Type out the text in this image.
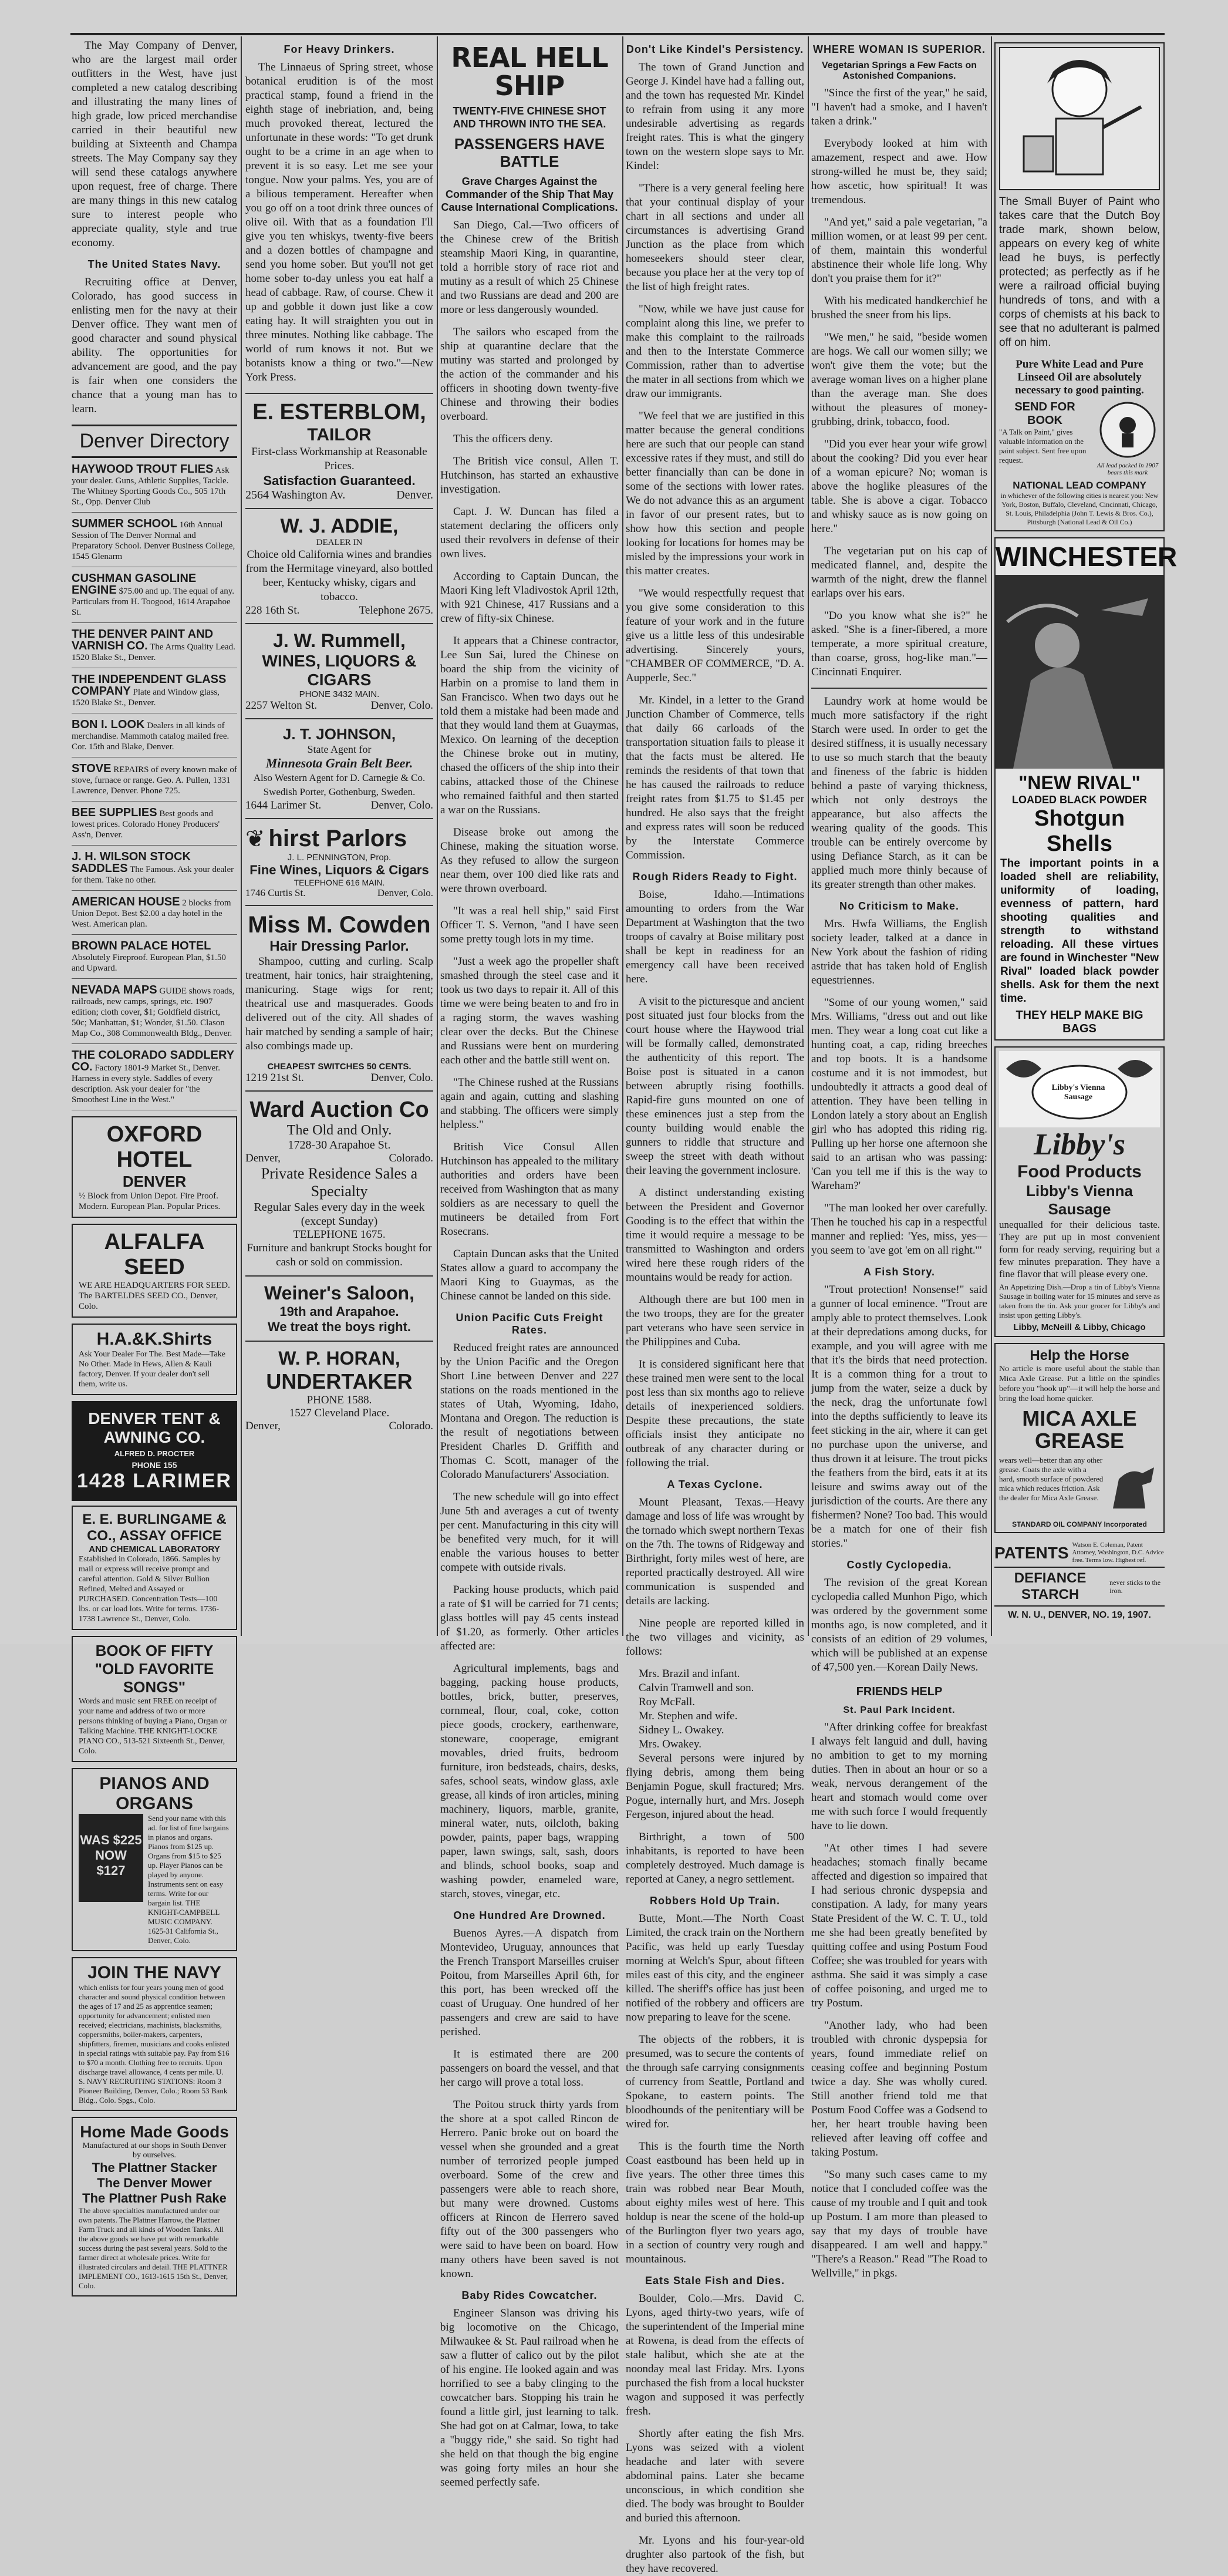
The May Company of Denver, who are the largest mail order outfitters in the West, have just completed a new catalog describing and illustrating the many lines of high grade, low priced merchandise carried in their beautiful new building at Sixteenth and Champa streets. The May Company say they will send these catalogs anywhere upon request, free of charge. There are many things in this new catalog sure to interest people who appreciate quality, style and true economy.

The United States Navy.

Recruiting office at Denver, Colorado, has good success in enlisting men for the navy at their Denver office. They want men of good character and sound physical ability. The opportunities for advancement are good, and the pay is fair when one considers the chance that a young man has to learn.

Denver Directory
HAYWOOD TROUT FLIES Ask your dealer. Guns, Athletic Supplies, Tackle. The Whitney Sporting Goods Co., 505 17th St., Opp. Denver Club
SUMMER SCHOOL 16th Annual Session of The Denver Normal and Preparatory School. Denver Business College, 1545 Glenarm
CUSHMAN GASOLINE ENGINE $75.00 and up. The equal of any. Particulars from H. Toogood, 1614 Arapahoe St.
THE DENVER PAINT AND VARNISH CO. The Arms Quality Lead. 1520 Blake St., Denver.
THE INDEPENDENT GLASS COMPANY Plate and Window glass, 1520 Blake St., Denver.
BON I. LOOK Dealers in all kinds of merchandise. Mammoth catalog mailed free. Cor. 15th and Blake, Denver.
STOVE REPAIRS of every known make of stove, furnace or range. Geo. A. Pullen, 1331 Lawrence, Denver. Phone 725.
BEE SUPPLIES Best goods and lowest prices. Colorado Honey Producers' Ass'n, Denver.
J. H. WILSON STOCK SADDLES The Famous. Ask your dealer for them. Take no other.
AMERICAN HOUSE 2 blocks from Union Depot. Best $2.00 a day hotel in the West. American plan.
BROWN PALACE HOTEL Absolutely Fireproof. European Plan, $1.50 and Upward.
NEVADA MAPS GUIDE shows roads, railroads, new camps, springs, etc. 1907 edition; cloth cover, $1; Goldfield district, 50c; Manhattan, $1; Wonder, $1.50. Clason Map Co., 308 Commonwealth Bldg., Denver.
THE COLORADO SADDLERY CO. Factory 1801-9 Market St., Denver. Harness in every style. Saddles of every description. Ask your dealer for "the Smoothest Line in the West."
OXFORD HOTEL
DENVER
½ Block from Union Depot. Fire Proof. Modern. European Plan. Popular Prices.
ALFALFA SEED
WE ARE HEADQUARTERS FOR SEED. The BARTELDES SEED CO., Denver, Colo.
H.A.&K.Shirts
Ask Your Dealer For The. Best Made—Take No Other. Made in Hews, Allen & Kauli factory, Denver. If your dealer don't sell them, write us.
DENVER TENT & AWNING CO.
ALFRED D. PROCTER
PHONE 155
1428 LARIMER
E. E. BURLINGAME & CO., ASSAY OFFICE
AND CHEMICAL LABORATORY
Established in Colorado, 1866. Samples by mail or express will receive prompt and careful attention. Gold & Silver Bullion Refined, Melted and Assayed or PURCHASED. Concentration Tests—100 lbs. or car load lots. Write for terms. 1736-1738 Lawrence St., Denver, Colo.
BOOK OF FIFTY "OLD FAVORITE SONGS"
Words and music sent FREE on receipt of your name and address of two or more persons thinking of buying a Piano, Organ or Talking Machine. THE KNIGHT-LOCKE PIANO CO., 513-521 Sixteenth St., Denver, Colo.
PIANOS AND ORGANS
WAS $225 NOW $127
Send your name with this ad. for list of fine bargains in pianos and organs. Pianos from $125 up. Organs from $15 to $25 up. Player Pianos can be played by anyone. Instruments sent on easy terms. Write for our bargain list. THE KNIGHT-CAMPBELL MUSIC COMPANY. 1625-31 California St., Denver, Colo.
JOIN THE NAVY
which enlists for four years young men of good character and sound physical condition between the ages of 17 and 25 as apprentice seamen; opportunity for advancement; enlisted men received; electricians, machinists, blacksmiths, coppersmiths, boiler-makers, carpenters, shipfitters, firemen, musicians and cooks enlisted in special ratings with suitable pay. Pay from $16 to $70 a month. Clothing free to recruits. Upon discharge travel allowance, 4 cents per mile. U. S. NAVY RECRUITING STATIONS: Room 3 Pioneer Building, Denver, Colo.; Room 53 Bank Bldg., Colo. Spgs., Colo.
Home Made Goods
Manufactured at our shops in South Denver by ourselves.
The Plattner Stacker
The Denver Mower
The Plattner Push Rake
The above specialties manufactured under our own patents. The Plattner Harrow, the Plattner Farm Truck and all kinds of Wooden Tanks. All the above goods we have put with remarkable success during the past several years. Sold to the farmer direct at wholesale prices. Write for illustrated circulars and detail. THE PLATTNER IMPLEMENT CO., 1613-1615 15th St., Denver, Colo.
For Heavy Drinkers.

The Linnaeus of Spring street, whose botanical erudition is of the most practical stamp, found a friend in the eighth stage of inebriation, and, being much provoked thereat, lectured the unfortunate in these words: "To get drunk ought to be a crime in an age when to prevent it is so easy. Let me see your tongue. Now your palms. Yes, you are of a bilious temperament. Hereafter when you go off on a toot drink three ounces of olive oil. With that as a foundation I'll give you ten whiskys, twenty-five beers and a dozen bottles of champagne and send you home sober. But you'll not get home sober to-day unless you eat half a head of cabbage. Raw, of course. Chew it up and gobble it down just like a cow eating hay. It will straighten you out in three minutes. Nothing like cabbage. The world of rum knows it not. But we botanists know a thing or two."—New York Press.

E. ESTERBLOM,
TAILOR
First-class Workmanship at Reasonable Prices.
Satisfaction Guaranteed.
2564 Washington Av.	Denver.
W. J. ADDIE,
DEALER IN
Choice old California wines and brandies from the Hermitage vineyard, also bottled beer, Kentucky whisky, cigars and tobacco.
228 16th St.	Telephone 2675.
J. W. Rummell,
WINES, LIQUORS & CIGARS
PHONE 3432 MAIN.
2257 Welton St.	Denver, Colo.
J. T. JOHNSON,
State Agent for
Minnesota Grain Belt Beer.
Also Western Agent for D. Carnegie & Co. Swedish Porter, Gothenburg, Sweden.
1644 Larimer St.	Denver, Colo.
❦ hirst Parlors
J. L. PENNINGTON, Prop.
Fine Wines, Liquors & Cigars
TELEPHONE 616 MAIN.
1746 Curtis St.	Denver, Colo.
Miss M. Cowden
Hair Dressing Parlor.

Shampoo, cutting and curling. Scalp treatment, hair tonics, hair straightening, manicuring. Stage wigs for rent; theatrical use and masquerades. Goods delivered out of the city. All shades of hair matched by sending a sample of hair; also combings made up.

CHEAPEST SWITCHES 50 CENTS.
1219 21st St.	Denver, Colo.
Ward Auction Co
The Old and Only.
1728-30 Arapahoe St.
Denver,	Colorado.
Private Residence Sales a Specialty
Regular Sales every day in the week (except Sunday)
TELEPHONE 1675.
Furniture and bankrupt Stocks bought for cash or sold on commission.
Weiner's Saloon,
19th and Arapahoe.
We treat the boys right.
W. P. HORAN,
UNDERTAKER
PHONE 1588.
1527 Cleveland Place.
Denver,	Colorado.
REAL HELL SHIP
TWENTY-FIVE CHINESE SHOT AND THROWN INTO THE SEA.
PASSENGERS HAVE BATTLE
Grave Charges Against the Commander of the Ship That May Cause International Complications.

San Diego, Cal.—Two officers of the Chinese crew of the British steamship Maori King, in quarantine, told a horrible story of race riot and mutiny as a result of which 25 Chinese and two Russians are dead and 200 are more or less dangerously wounded.

The sailors who escaped from the ship at quarantine declare that the mutiny was started and prolonged by the action of the commander and his officers in shooting down twenty-five Chinese and throwing their bodies overboard.

This the officers deny.

The British vice consul, Allen T. Hutchinson, has started an exhaustive investigation.

Capt. J. W. Duncan has filed a statement declaring the officers only used their revolvers in defense of their own lives.

According to Captain Duncan, the Maori King left Vladivostok April 12th, with 921 Chinese, 417 Russians and a crew of fifty-six Chinese.

It appears that a Chinese contractor, Lee Sun Sai, lured the Chinese on board the ship from the vicinity of Harbin on a promise to land them in San Francisco. When two days out he told them a mistake had been made and that they would land them at Guaymas, Mexico. On learning of the deception the Chinese broke out in mutiny, chased the officers of the ship into their cabins, attacked those of the Chinese who remained faithful and then started a war on the Russians.

Disease broke out among the Chinese, making the situation worse. As they refused to allow the surgeon near them, over 100 died like rats and were thrown overboard.

"It was a real hell ship," said First Officer T. S. Vernon, "and I have seen some pretty tough lots in my time.

"Just a week ago the propeller shaft smashed through the steel case and it took us two days to repair it. All of this time we were being beaten to and fro in a raging storm, the waves washing clear over the decks. But the Chinese and Russians were bent on murdering each other and the battle still went on.

"The Chinese rushed at the Russians again and again, cutting and slashing and stabbing. The officers were simply helpless."

British Vice Consul Allen Hutchinson has appealed to the military authorities and orders have been received from Washington that as many soldiers as are necessary to quell the mutineers be detailed from Fort Rosecrans.

Captain Duncan asks that the United States allow a guard to accompany the Maori King to Guaymas, as the Chinese cannot be landed on this side.

Union Pacific Cuts Freight Rates.

Reduced freight rates are announced by the Union Pacific and the Oregon Short Line between Denver and 227 stations on the roads mentioned in the states of Utah, Wyoming, Idaho, Montana and Oregon. The reduction is the result of negotiations between President Charles D. Griffith and Thomas C. Scott, manager of the Colorado Manufacturers' Association.

The new schedule will go into effect June 5th and averages a cut of twenty per cent. Manufacturing in this city will be benefited very much, for it will enable the various houses to better compete with outside rivals.

Packing house products, which paid a rate of $1 will be carried for 71 cents; glass bottles will pay 45 cents instead of $1.20, as formerly. Other articles affected are:

Agricultural implements, bags and bagging, packing house products, bottles, brick, butter, preserves, cornmeal, flour, coal, coke, cotton piece goods, crockery, earthenware, stoneware, cooperage, emigrant movables, dried fruits, bedroom furniture, iron bedsteads, chairs, desks, safes, school seats, window glass, axle grease, all kinds of iron articles, mining machinery, liquors, marble, granite, mineral water, nuts, oilcloth, baking powder, paints, paper bags, wrapping paper, lawn swings, salt, sash, doors and blinds, school books, soap and washing powder, enameled ware, starch, stoves, vinegar, etc.

One Hundred Are Drowned.

Buenos Ayres.—A dispatch from Montevideo, Uruguay, announces that the French Transport Marseilles cruiser Poitou, from Marseilles April 6th, for this port, has been wrecked off the coast of Uruguay. One hundred of her passengers and crew are said to have perished.

It is estimated there are 200 passengers on board the vessel, and that her cargo will prove a total loss.

The Poitou struck thirty yards from the shore at a spot called Rincon de Herrero. Panic broke out on board the vessel when she grounded and a great number of terrorized people jumped overboard. Some of the crew and passengers were able to reach shore, but many were drowned. Customs officers at Rincon de Herrero saved fifty out of the 300 passengers who were said to have been on board. How many others have been saved is not known.

Baby Rides Cowcatcher.

Engineer Slanson was driving his big locomotive on the Chicago, Milwaukee & St. Paul railroad when he saw a flutter of calico out by the pilot of his engine. He looked again and was horrified to see a baby clinging to the cowcatcher bars. Stopping his train he found a little girl, just learning to talk. She had got on at Calmar, Iowa, to take a "buggy ride," she said. So tight had she held on that though the big engine was going forty miles an hour she seemed perfectly safe.

Don't Like Kindel's Persistency.

The town of Grand Junction and George J. Kindel have had a falling out, and the town has requested Mr. Kindel to refrain from using it any more undesirable advertising as regards freight rates. This is what the gingery town on the western slope says to Mr. Kindel:

"There is a very general feeling here that your continual display of your chart in all sections and under all circumstances is advertising Grand Junction as the place from which homeseekers should steer clear, because you place her at the very top of the list of high freight rates.

"Now, while we have just cause for complaint along this line, we prefer to make this complaint to the railroads and then to the Interstate Commerce Commission, rather than to advertise the mater in all sections from which we draw our immigrants.

"We feel that we are justified in this matter because the general conditions here are such that our people can stand excessive rates if they must, and still do better financially than can be done in some of the sections with lower rates. We do not advance this as an argument in favor of our present rates, but to show how this section and people looking for locations for homes may be misled by the impressions your work in this matter creates.

"We would respectfully request that you give some consideration to this feature of your work and in the future give us a little less of this undesirable advertising. Sincerely yours, "CHAMBER OF COMMERCE, "D. A. Aupperle, Sec."

Mr. Kindel, in a letter to the Grand Junction Chamber of Commerce, tells that daily 66 carloads of the transportation situation fails to please it that the facts must be altered. He reminds the residents of that town that he has caused the railroads to reduce freight rates from $1.75 to $1.45 per hundred. He also says that the freight and express rates will soon be reduced by the Interstate Commerce Commission.

Rough Riders Ready to Fight.

Boise, Idaho.—Intimations amounting to orders from the War Department at Washington that the two troops of cavalry at Boise military post shall be kept in readiness for an emergency call have been received here.

A visit to the picturesque and ancient post situated just four blocks from the court house where the Haywood trial will be formally called, demonstrated the authenticity of this report. The Boise post is situated in a canon between abruptly rising foothills. Rapid-fire guns mounted on one of these eminences just a step from the county building would enable the gunners to riddle that structure and sweep the street with death without their leaving the government inclosure.

A distinct understanding existing between the President and Governor Gooding is to the effect that within the time it would require a message to be transmitted to Washington and orders wired here these rough riders of the mountains would be ready for action.

Although there are but 100 men in the two troops, they are for the greater part veterans who have seen service in the Philippines and Cuba.

It is considered significant here that these trained men were sent to the local post less than six months ago to relieve details of inexperienced soldiers. Despite these precautions, the state officials insist they anticipate no outbreak of any character during or following the trial.

A Texas Cyclone.

Mount Pleasant, Texas.—Heavy damage and loss of life was wrought by the tornado which swept northern Texas on the 7th. The towns of Ridgeway and Birthright, forty miles west of here, are reported practically destroyed. All wire communication is suspended and details are lacking.

Nine people are reported killed in the two villages and vicinity, as follows:

Mrs. Brazil and infant.
Calvin Tramwell and son.
Roy McFall.
Mr. Stephen and wife.
Sidney L. Owakey.
Mrs. Owakey.

Several persons were injured by flying debris, among them being Benjamin Pogue, skull fractured; Mrs. Pogue, internally hurt, and Mrs. Joseph Fergeson, injured about the head.

Birthright, a town of 500 inhabitants, is reported to have been completely destroyed. Much damage is reported at Caney, a negro settlement.

Robbers Hold Up Train.

Butte, Mont.—The North Coast Limited, the crack train on the Northern Pacific, was held up early Tuesday morning at Welch's Spur, about fifteen miles east of this city, and the engineer killed. The sheriff's office has just been notified of the robbery and officers are now preparing to leave for the scene.

The objects of the robbers, it is presumed, was to secure the contents of the through safe carrying consignments of currency from Seattle, Portland and Spokane, to eastern points. The bloodhounds of the penitentiary will be wired for.

This is the fourth time the North Coast eastbound has been held up in five years. The other three times this train was robbed near Bear Mouth, about eighty miles west of here. This holdup is near the scene of the hold-up of the Burlington flyer two years ago, in a section of country very rough and mountainous.

Eats Stale Fish and Dies.

Boulder, Colo.—Mrs. David C. Lyons, aged thirty-two years, wife of the superintendent of the Imperial mine at Rowena, is dead from the effects of stale halibut, which she ate at the noonday meal last Friday. Mrs. Lyons purchased the fish from a local huckster wagon and supposed it was perfectly fresh.

Shortly after eating the fish Mrs. Lyons was seized with a violent headache and later with severe abdominal pains. Later she became unconscious, in which condition she died. The body was brought to Boulder and buried this afternoon.

Mr. Lyons and his four-year-old drughter also partook of the fish, but they have recovered.

WHERE WOMAN IS SUPERIOR.
Vegetarian Springs a Few Facts on Astonished Companions.

"Since the first of the year," he said, "I haven't had a smoke, and I haven't taken a drink."

Everybody looked at him with amazement, respect and awe. How strong-willed he must be, they said; how ascetic, how spiritual! It was tremendous.

"And yet," said a pale vegetarian, "a million women, or at least 99 per cent. of them, maintain this wonderful abstinence their whole life long. Why don't you praise them for it?"

With his medicated handkerchief he brushed the sneer from his lips.

"We men," he said, "beside women are hogs. We call our women silly; we won't give them the vote; but the average woman lives on a higher plane than the average man. She does without the pleasures of money-grubbing, drink, tobacco, food.

"Did you ever hear your wife growl about the cooking? Did you ever hear of a woman epicure? No; woman is above the hoglike pleasures of the table. She is above a cigar. Tobacco and whisky sauce as is now going on here."

The vegetarian put on his cap of medicated flannel, and, despite the warmth of the night, drew the flannel earlaps over his ears.

"Do you know what she is?" he asked. "She is a finer-fibered, a more temperate, a more spiritual creature, than coarse, gross, hog-like man."—Cincinnati Enquirer.

Laundry work at home would be much more satisfactory if the right Starch were used. In order to get the desired stiffness, it is usually necessary to use so much starch that the beauty and fineness of the fabric is hidden behind a paste of varying thickness, which not only destroys the appearance, but also affects the wearing quality of the goods. This trouble can be entirely overcome by using Defiance Starch, as it can be applied much more thinly because of its greater strength than other makes.

No Criticism to Make.

Mrs. Hwfa Williams, the English society leader, talked at a dance in New York about the fashion of riding astride that has taken hold of English equestriennes.

"Some of our young women," said Mrs. Williams, "dress out and out like men. They wear a long coat cut like a hunting coat, a cap, riding breeches and top boots. It is a handsome costume and it is not immodest, but undoubtedly it attracts a good deal of attention. They have been telling in London lately a story about an English girl who has adopted this riding rig. Pulling up her horse one afternoon she said to an artisan who was passing: 'Can you tell me if this is the way to Wareham?'

"The man looked her over carefully. Then he touched his cap in a respectful manner and replied: 'Yes, miss, yes—you seem to 'ave got 'em on all right.'"

A Fish Story.

"Trout protection! Nonsense!" said a gunner of local eminence. "Trout are amply able to protect themselves. Look at their depredations among ducks, for example, and you will agree with me that it's the birds that need protection. It is a common thing for a trout to jump from the water, seize a duck by the neck, drag the unfortunate fowl into the depths sufficiently to leave its feet sticking in the air, where it can get no purchase upon the universe, and thus drown it at leisure. The trout picks the feathers from the bird, eats it at its leisure and swims away out of the jurisdiction of the courts. Are there any fishermen? None? Too bad. This would be a match for one of their fish stories."

Costly Cyclopedia.

The revision of the great Korean cyclopedia called Munhon Pigo, which was ordered by the government some months ago, is now completed, and it consists of an edition of 29 volumes, which will be published at an expense of 47,500 yen.—Korean Daily News.

FRIENDS HELP
St. Paul Park Incident.

"After drinking coffee for breakfast I always felt languid and dull, having no ambition to get to my morning duties. Then in about an hour or so a weak, nervous derangement of the heart and stomach would come over me with such force I would frequently have to lie down.

"At other times I had severe headaches; stomach finally became affected and digestion so impaired that I had serious chronic dyspepsia and constipation. A lady, for many years State President of the W. C. T. U., told me she had been greatly benefited by quitting coffee and using Postum Food Coffee; she was troubled for years with asthma. She said it was simply a case of coffee poisoning, and urged me to try Postum.

"Another lady, who had been troubled with chronic dyspepsia for years, found immediate relief on ceasing coffee and beginning Postum twice a day. She was wholly cured. Still another friend told me that Postum Food Coffee was a Godsend to her, her heart trouble having been relieved after leaving off coffee and taking Postum.

"So many such cases came to my notice that I concluded coffee was the cause of my trouble and I quit and took up Postum. I am more than pleased to say that my days of trouble have disappeared. I am well and happy." "There's a Reason." Read "The Road to Wellville," in pkgs.

The Small Buyer of Paint who takes care that the Dutch Boy trade mark, shown below, appears on every keg of white lead he buys, is perfectly protected; as perfectly as if he were a railroad official buying hundreds of tons, and with a corps of chemists at his back to see that no adulterant is palmed off on him.

Pure White Lead and Pure Linseed Oil are absolutely necessary to good painting.
SEND FOR BOOK
"A Talk on Paint," gives valuable information on the paint subject. Sent free upon request.
All lead packed in 1907 bears this mark
NATIONAL LEAD COMPANY
in whichever of the following cities is nearest you: New York, Boston, Buffalo, Cleveland, Cincinnati, Chicago, St. Louis, Philadelphia (John T. Lewis & Bros. Co.), Pittsburgh (National Lead & Oil Co.)
WINCHESTER
"NEW RIVAL"
LOADED BLACK POWDER
Shotgun Shells
The important points in a loaded shell are reliability, uniformity of loading, evenness of pattern, hard shooting qualities and strength to withstand reloading. All these virtues are found in Winchester "New Rival" loaded black powder shells. Ask for them the next time.
THEY HELP MAKE BIG BAGS
Libby's Vienna Sausage
Libby's
Food Products
Libby's Vienna Sausage
unequalled for their delicious taste. They are put up in most convenient form for ready serving, requiring but a few minutes preparation. They have a fine flavor that will please every one.
An Appetizing Dish.—Drop a tin of Libby's Vienna Sausage in boiling water for 15 minutes and serve as taken from the tin. Ask your grocer for Libby's and insist upon getting Libby's.
Libby, McNeill & Libby, Chicago
Help the Horse
No article is more useful about the stable than Mica Axle Grease. Put a little on the spindles before you "hook up"—it will help the horse and bring the load home quicker.
MICA AXLE GREASE
wears well—better than any other grease. Coats the axle with a hard, smooth surface of powdered mica which reduces friction. Ask the dealer for Mica Axle Grease.
STANDARD OIL COMPANY Incorporated
PATENTS Watson E. Coleman, Patent Attorney, Washington, D.C. Advice free. Terms low. Highest ref.
DEFIANCE STARCH
never sticks to the iron.
W. N. U., DENVER, NO. 19, 1907.
